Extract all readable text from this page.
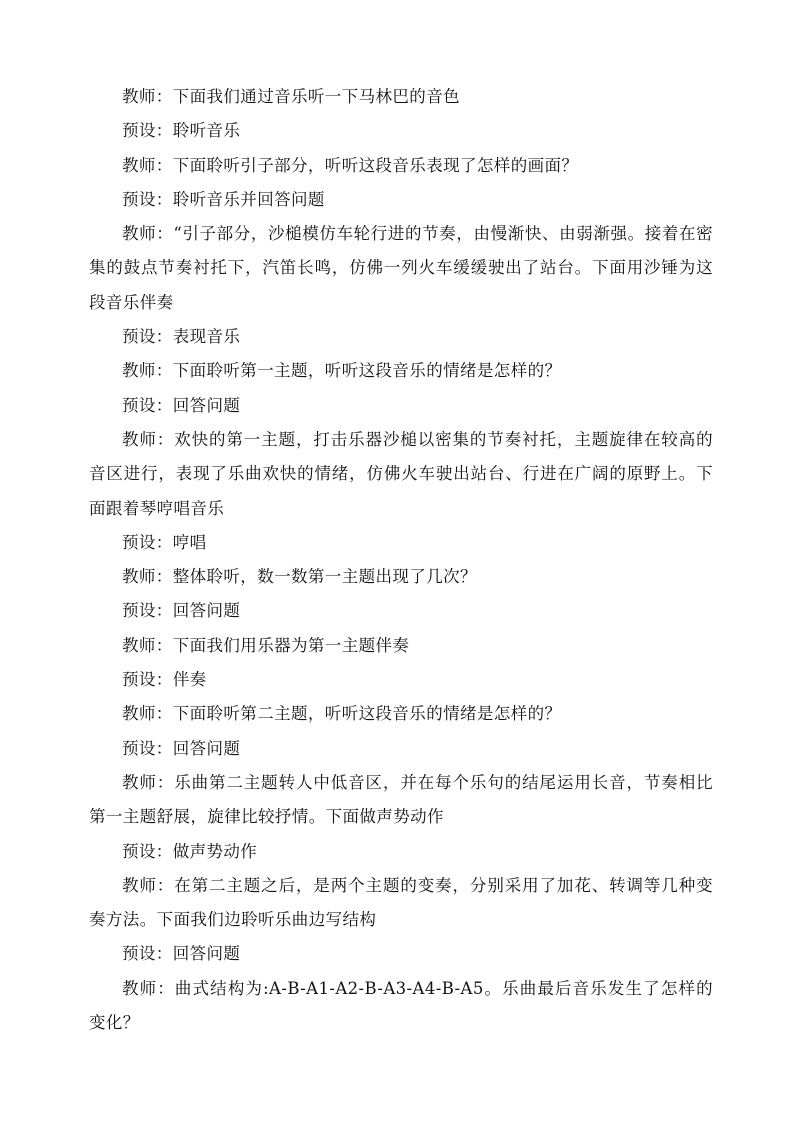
教师：下面我们通过音乐听一下马林巴的音色

预设：聆听音乐

教师：下面聆听引子部分，听听这段音乐表现了怎样的画面？

预设：聆听音乐并回答问题

教师：“引子部分，沙槌模仿车轮行进的节奏，由慢渐快、由弱渐强。接着在密集的鼓点节奏衬托下，汽笛长鸣，仿佛一列火车缓缓驶出了站台。下面用沙锤为这段音乐伴奏

预设：表现音乐

教师：下面聆听第一主题，听听这段音乐的情绪是怎样的？

预设：回答问题

教师：欢快的第一主题，打击乐器沙槌以密集的节奏衬托，主题旋律在较高的音区进行，表现了乐曲欢快的情绪，仿佛火车驶出站台、行进在广阔的原野上。下面跟着琴哼唱音乐

预设：哼唱

教师：整体聆听，数一数第一主题出现了几次？

预设：回答问题

教师：下面我们用乐器为第一主题伴奏

预设：伴奏

教师：下面聆听第二主题，听听这段音乐的情绪是怎样的？

预设：回答问题

教师：乐曲第二主题转人中低音区，并在每个乐句的结尾运用长音，节奏相比第一主题舒展，旋律比较抒情。下面做声势动作

预设：做声势动作

教师：在第二主题之后，是两个主题的变奏，分别采用了加花、转调等几种变奏方法。下面我们边聆听乐曲边写结构

预设：回答问题

教师：曲式结构为:A-B-A1-A2-B-A3-A4-B-A5。乐曲最后音乐发生了怎样的变化？
